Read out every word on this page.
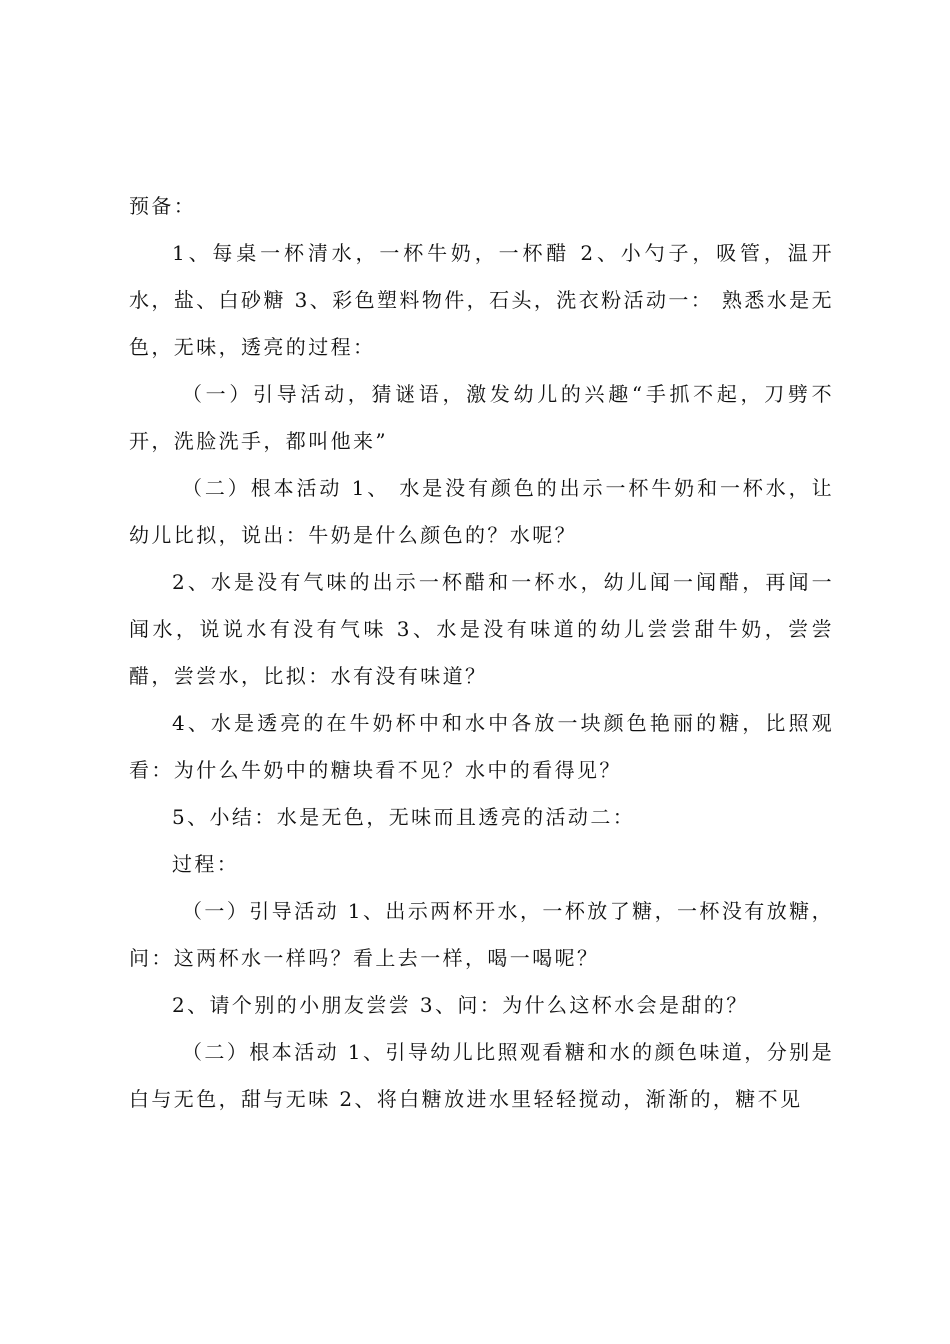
预备：

1、每桌一杯清水，一杯牛奶，一杯醋 2、小勺子，吸管，温开水，盐、白砂糖 3、彩色塑料物件，石头，洗衣粉活动一： 熟悉水是无色，无味，透亮的过程：

（一）引导活动，猜谜语，激发幼儿的兴趣“手抓不起，刀劈不开，洗脸洗手，都叫他来”

（二）根本活动 1、 水是没有颜色的出示一杯牛奶和一杯水，让幼儿比拟，说出：牛奶是什么颜色的？水呢？

2、水是没有气味的出示一杯醋和一杯水，幼儿闻一闻醋，再闻一闻水，说说水有没有气味 3、水是没有味道的幼儿尝尝甜牛奶，尝尝醋，尝尝水，比拟：水有没有味道？

4、水是透亮的在牛奶杯中和水中各放一块颜色艳丽的糖，比照观看：为什么牛奶中的糖块看不见？水中的看得见？

5、小结：水是无色，无味而且透亮的活动二：

过程：

（一）引导活动 1、出示两杯开水，一杯放了糖，一杯没有放糖，问：这两杯水一样吗？看上去一样，喝一喝呢？

2、请个别的小朋友尝尝 3、问：为什么这杯水会是甜的？

（二）根本活动 1、引导幼儿比照观看糖和水的颜色味道，分别是白与无色，甜与无味 2、将白糖放进水里轻轻搅动，渐渐的，糖不见
